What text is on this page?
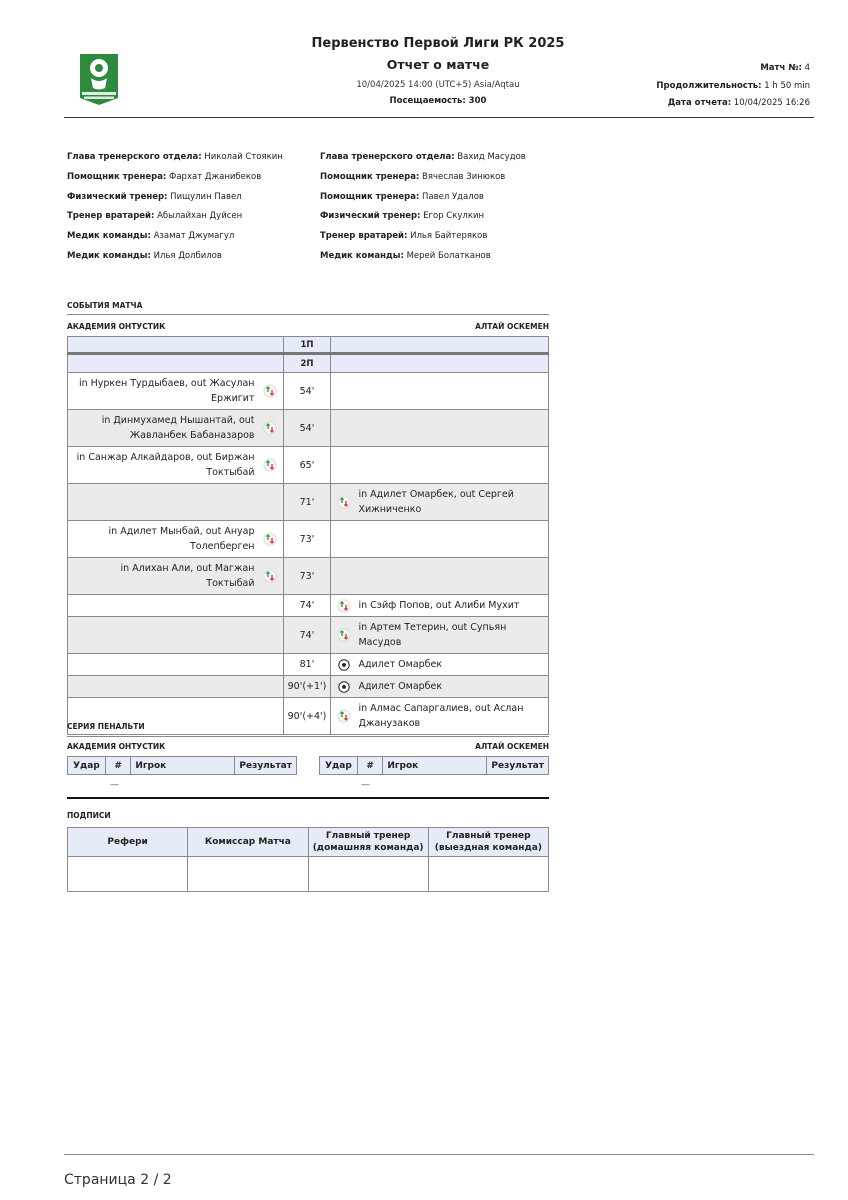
Первенство Первой Лиги РК 2025
Отчет о матче
10/04/2025 14:00 (UTC+5) Asia/Aqtau
Посещаемость: 300
Матч №: 4
Продолжительность: 1 h 50 min
Дата отчета: 10/04/2025 16:26
Глава тренерского отдела: Николай Стоякин
Помощник тренера: Фархат Джанибеков
Физический тренер: Пищулин Павел
Тренер вратарей: Абылайхан Дуйсен
Медик команды: Азамат Джумагул
Медик команды: Илья Долбилов
Глава тренерского отдела: Вахид Масудов
Помощник тренера: Вячеслав Зинюков
Помощник тренера: Павел Удалов
Физический тренер: Егор Скулкин
Тренер вратарей: Илья Байтеряков
Медик команды: Мерей Болатканов
СОБЫТИЯ МАТЧА
АКАДЕМИЯ ОНТУСТИК	АЛТАЙ ОСКЕМЕН
	1П	
	2П	

in Нуркен Турдыбаев, out Жасулан Ержигит	54'	

in Динмухамед Нышантай, out Жавланбек Бабаназаров	54'	

in Санжар Алкайдаров, out Биржан Токтыбай	65'	
	71'	in Адилет Омарбек, out Сергей Хижниченко

in Адилет Мынбай, out Ануар Толепберген	73'	

in Алихан Али, out Магжан Токтыбай	73'	
	74'	in Сэйф Попов, out Алиби Мухит

	74'	in Артем Тетерин, out Супьян Масудов

	81'	Адилет Омарбек

	90'(+1')	Адилет Омарбек

	90'(+4')	in Алмас Сапаргалиев, out Аслан Джанузаков
СЕРИЯ ПЕНАЛЬТИ
АКАДЕМИЯ ОНТУСТИК	АЛТАЙ ОСКЕМЕН
Удар	#	Игрок	Результат	Удар	#	Игрок	Результат
—	—
ПОДПИСИ
Рефери	Комиссар Матча	Главный тренер (домашняя команда)	Главный тренер (выездная команда)

Страница 2 / 2
